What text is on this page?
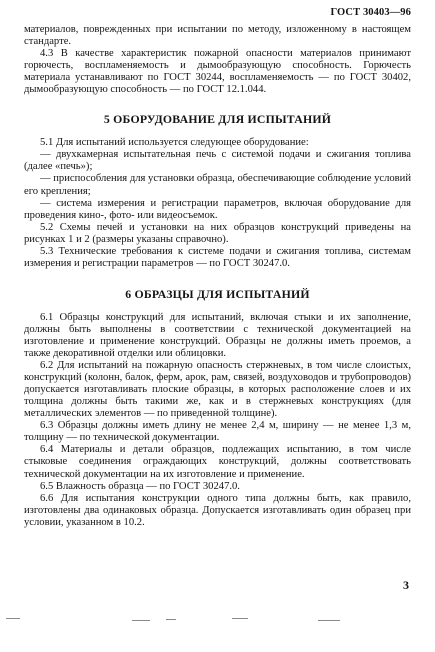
ГОСТ 30403—96

материалов, поврежденных при испытании по методу, изложенному в настоящем стандарте.

4.3 В качестве характеристик пожарной опасности материалов принимают горючесть, воспламеняемость и дымообразующую способность. Горючесть материала устанавливают по ГОСТ 30244, воспламеняемость — по ГОСТ 30402, дымообразующую способность — по ГОСТ 12.1.044.

5 ОБОРУДОВАНИЕ ДЛЯ ИСПЫТАНИЙ

5.1 Для испытаний используется следующее оборудование:

— двухкамерная испытательная печь с системой подачи и сжигания топлива (далее «печь»);

— приспособления для установки образца, обеспечивающие соблюдение условий его крепления;

— система измерения и регистрации параметров, включая оборудование для проведения кино-, фото- или видеосъемок.

5.2 Схемы печей и установки на них образцов конструкций приведены на рисунках 1 и 2 (размеры указаны справочно).

5.3 Технические требования к системе подачи и сжигания топлива, системам измерения и регистрации параметров — по ГОСТ 30247.0.

6 ОБРАЗЦЫ ДЛЯ ИСПЫТАНИЙ

6.1 Образцы конструкций для испытаний, включая стыки и их заполнение, должны быть выполнены в соответствии с технической документацией на изготовление и применение конструкций. Образцы не должны иметь проемов, а также декоративной отделки или облицовки.

6.2 Для испытаний на пожарную опасность стержневых, в том числе слоистых, конструкций (колонн, балок, ферм, арок, рам, связей, воздуховодов и трубопроводов) допускается изготавливать плоские образцы, в которых расположение слоев и их толщина должны быть такими же, как и в стержневых конструкциях (для металлических элементов — по приведенной толщине).

6.3 Образцы должны иметь длину не менее 2,4 м, ширину — не менее 1,3 м, толщину — по технической документации.

6.4 Материалы и детали образцов, подлежащих испытанию, в том числе стыковые соединения ограждающих конструкций, должны соответствовать технической документации на их изготовление и применение.

6.5 Влажность образца — по ГОСТ 30247.0.

6.6 Для испытания конструкции одного типа должны быть, как правило, изготовлены два одинаковых образца. Допускается изготавливать один образец при условии, указанном в 10.2.

3
